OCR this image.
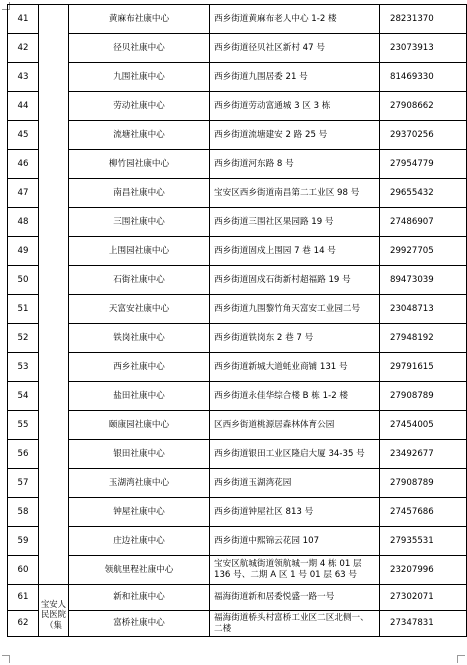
41		黄麻布社康中心	西乡街道黄麻布老人中心 1-2 楼	28231370
42		径贝社康中心	西乡街道径贝社区新村 47 号	23073913
43		九围社康中心	西乡街道九围居委 21 号	81469330
44		劳动社康中心	西乡街道劳动富通城 3 区 3 栋	27908662
45		流塘社康中心	西乡街道流塘建安 2 路 25 号	29370256
46		柳竹园社康中心	西乡街道河东路 8 号	27954779
47		南昌社康中心	宝安区西乡街道南昌第二工业区 98 号	29655432
48		三围社康中心	西乡街道三围社区果园路 19 号	27486907
49		上围园社康中心	西乡街道固戍上围园 7 巷 14 号	29927705
50		石街社康中心	西乡街道固戍石街新村超福路 19 号	89473039
51		天富安社康中心	西乡街道九围黎竹角天富安工业园二号	23048713
52		铁岗社康中心	西乡街道铁岗东 2 巷 7 号	27948192
53		西乡社康中心	西乡街道新城大道蚝业商铺 131 号	29791615
54		盐田社康中心	西乡街道永佳华综合楼 B 栋 1-2 楼	27908789
55		颐康园社康中心	区西乡街道桃源居森林体育公园	27454005
56		银田社康中心	西乡街道银田工业区隆启大厦 34-35 号	23492677
57		玉湖湾社康中心	西乡街道玉湖湾花园	27908789
58		钟屋社康中心	西乡街道钟屋社区 813 号	27457686
59		庄边社康中心	西乡街道中熙锦云花园 107	27935531
60		领航里程社康中心	宝安区航城街道领航城一期 4 栋 01 层 136 号、二期 A 区 1 号 01 层 63 号	23207996
61	宝安人民医院（集	新和社康中心	福海街道新和居委悦盛一路一号	27302071
62		富桥社康中心	福海街道桥头村富桥工业区二区北侧一、二楼	27347831
